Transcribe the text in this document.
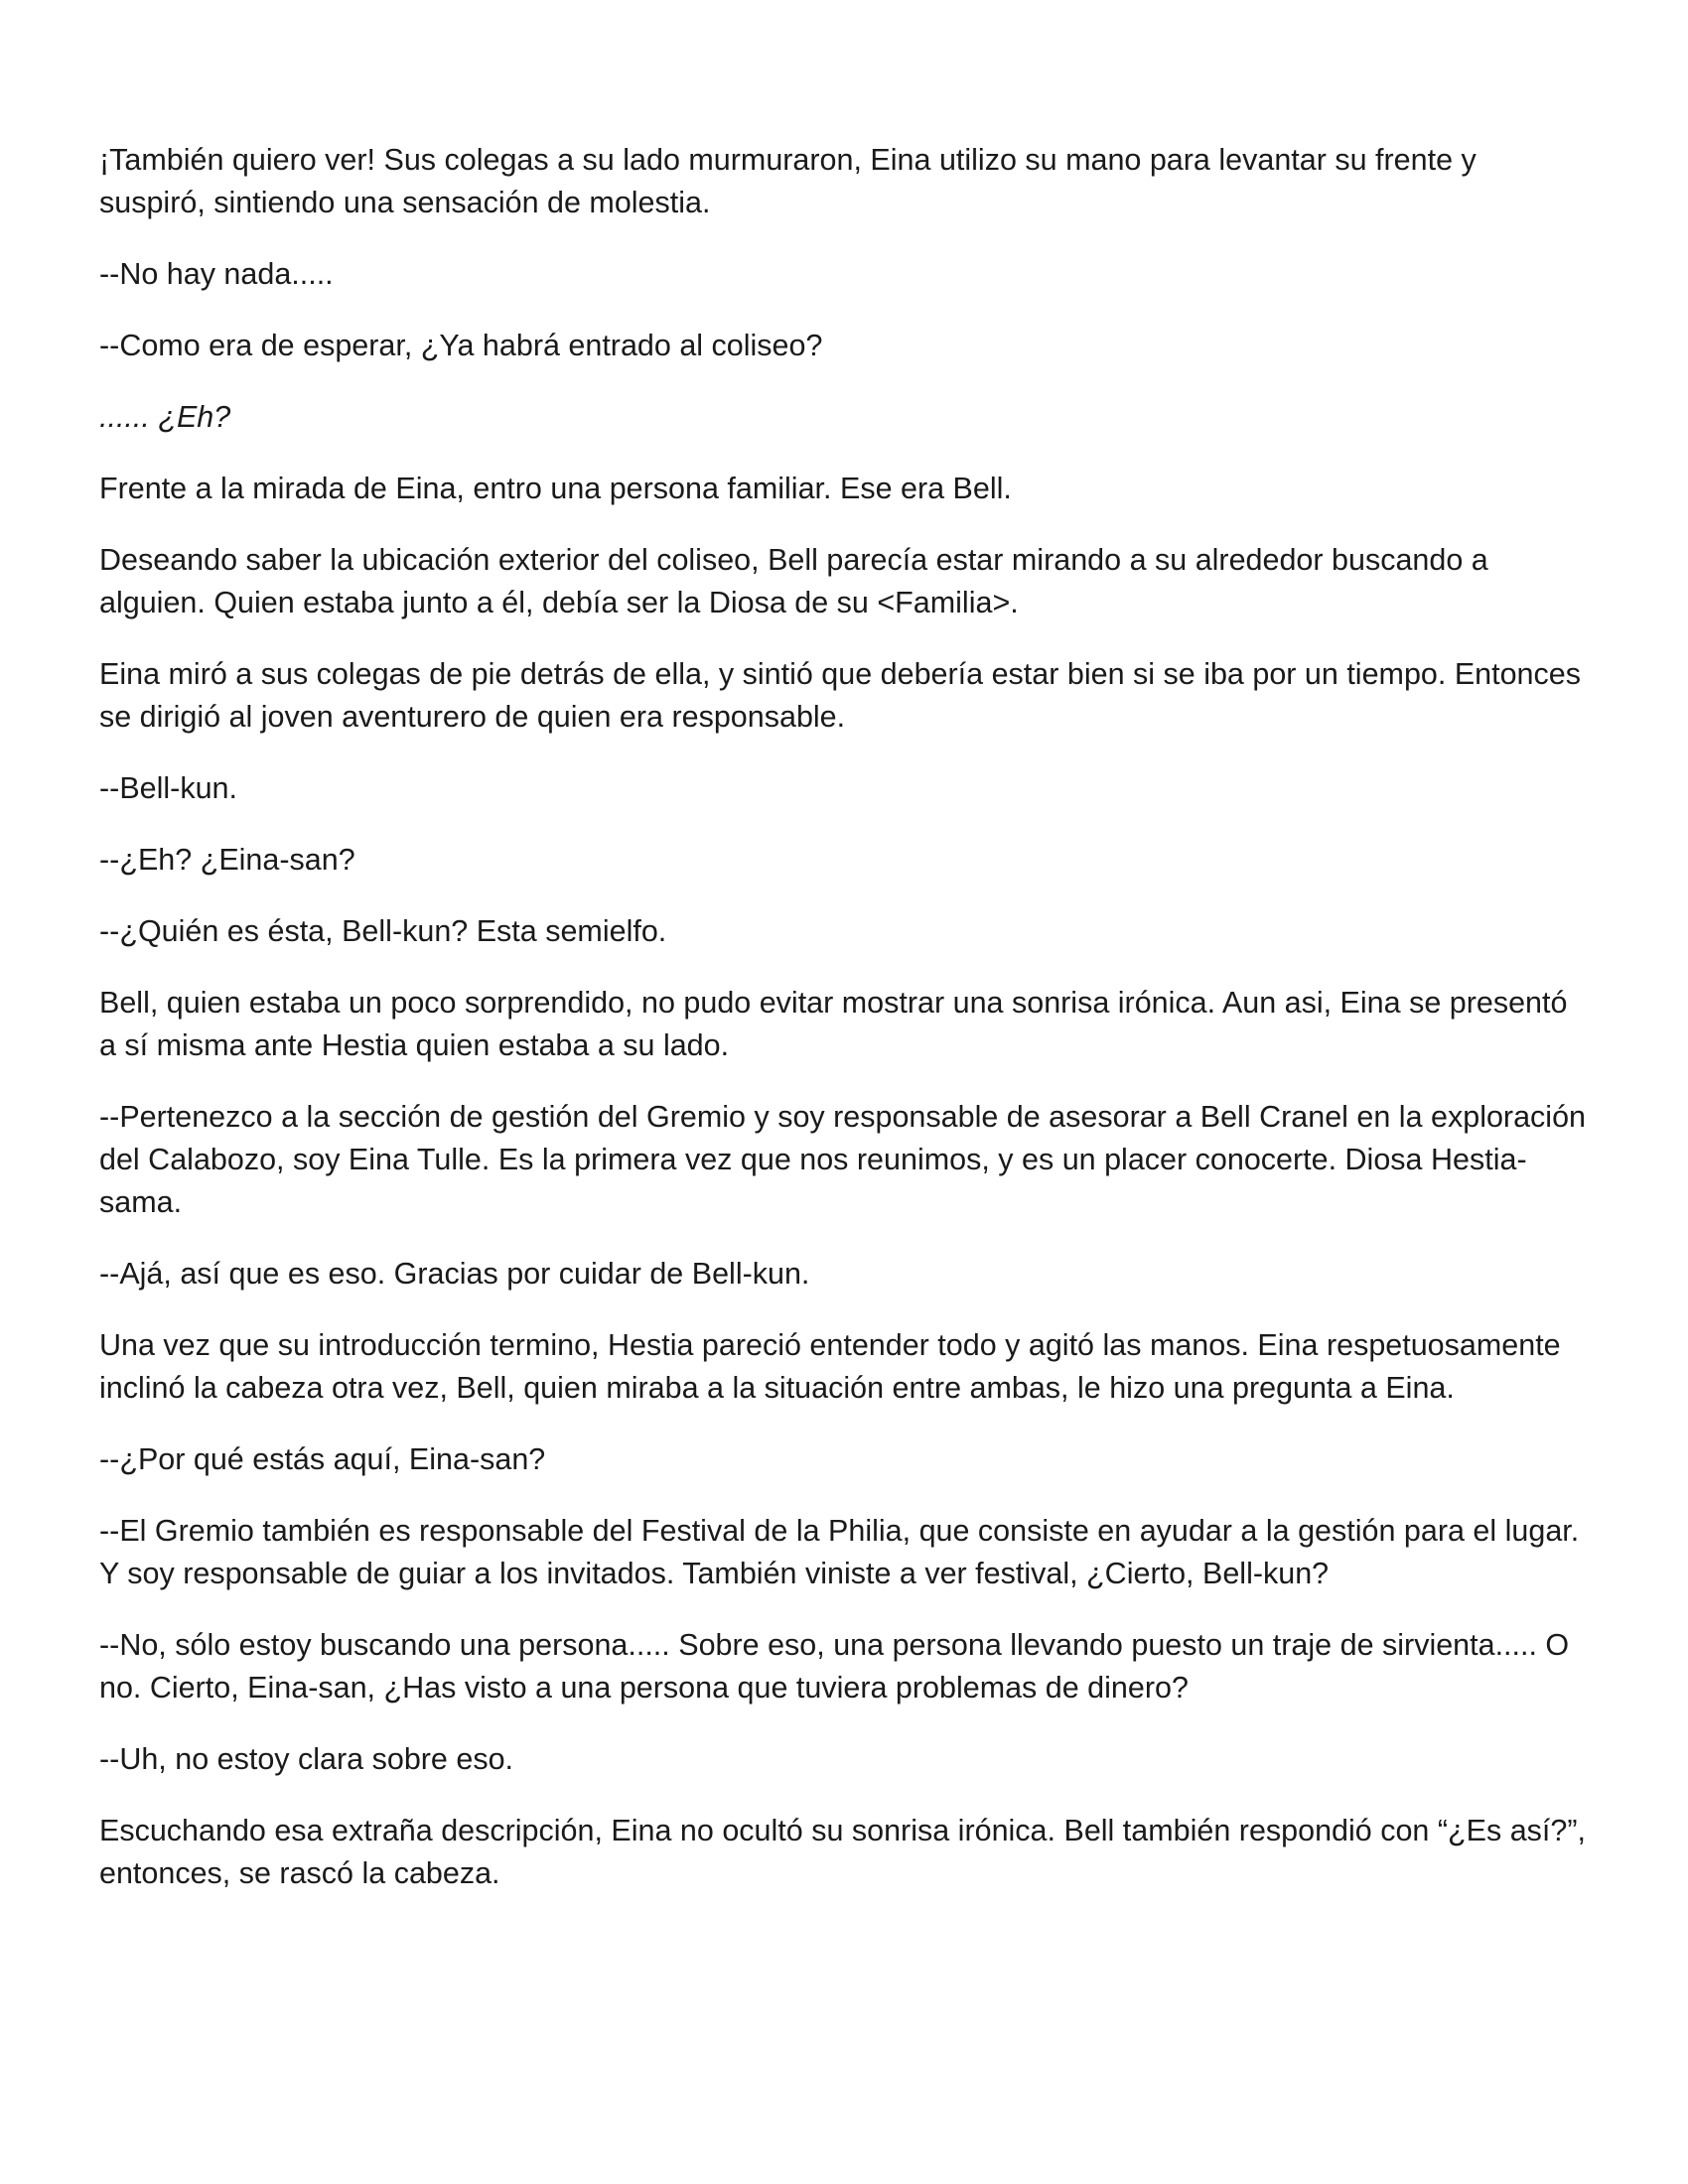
¡También quiero ver! Sus colegas a su lado murmuraron, Eina utilizo su mano para levantar su frente y suspiró, sintiendo una sensación de molestia.

--No hay nada.....

--Como era de esperar, ¿Ya habrá entrado al coliseo?

...... ¿Eh?

Frente a la mirada de Eina, entro una persona familiar. Ese era Bell.

Deseando saber la ubicación exterior del coliseo, Bell parecía estar mirando a su alrededor buscando a alguien. Quien estaba junto a él, debía ser la Diosa de su <Familia>.

Eina miró a sus colegas de pie detrás de ella, y sintió que debería estar bien si se iba por un tiempo. Entonces se dirigió al joven aventurero de quien era responsable.

--Bell-kun.

--¿Eh? ¿Eina-san?

--¿Quién es ésta, Bell-kun? Esta semielfo.

Bell, quien estaba un poco sorprendido, no pudo evitar mostrar una sonrisa irónica. Aun asi, Eina se presentó a sí misma ante Hestia quien estaba a su lado.

--Pertenezco a la sección de gestión del Gremio y soy responsable de asesorar a Bell Cranel en la exploración del Calabozo, soy Eina Tulle. Es la primera vez que nos reunimos, y es un placer conocerte. Diosa Hestia-sama.

--Ajá, así que es eso. Gracias por cuidar de Bell-kun.

Una vez que su introducción termino, Hestia pareció entender todo y agitó las manos. Eina respetuosamente inclinó la cabeza otra vez, Bell, quien miraba a la situación entre ambas, le hizo una pregunta a Eina.

--¿Por qué estás aquí, Eina-san?

--El Gremio también es responsable del Festival de la Philia, que consiste en ayudar a la gestión para el lugar. Y soy responsable de guiar a los invitados. También viniste a ver festival, ¿Cierto, Bell-kun?

--No, sólo estoy buscando una persona..... Sobre eso, una persona llevando puesto un traje de sirvienta..... O no. Cierto, Eina-san, ¿Has visto a una persona que tuviera problemas de dinero?

--Uh, no estoy clara sobre eso.

Escuchando esa extraña descripción, Eina no ocultó su sonrisa irónica. Bell también respondió con “¿Es así?”, entonces, se rascó la cabeza.
